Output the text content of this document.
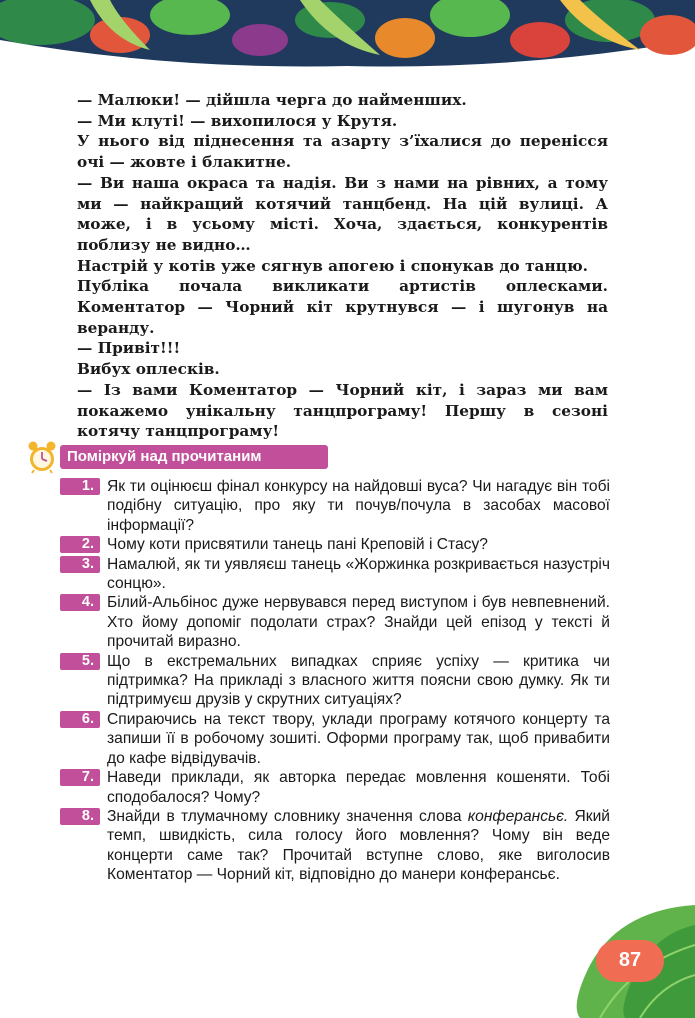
— Малюки! — дійшла черга до найменших.

— Ми клуті! — вихопилося у Крутя.

У нього від піднесення та азарту з’їхалися до перенісся очі — жовте і блакитне.

— Ви наша окраса та надія. Ви з нами на рівних, а тому ми — найкращий котячий танцбенд. На цій вулиці. А може, і в усьому місті. Хоча, здається, конкурентів поблизу не видно…

Настрій у котів уже сягнув апогею і спонукав до танцю.

Публіка почала викликати артистів оплесками. Коментатор — Чорний кіт крутнувся — і шугонув на веранду.

— Привіт!!!

Вибух оплесків.

— Із вами Коментатор — Чорний кіт, і зараз ми вам покажемо унікальну танцпрограму! Першу в сезоні котячу танцпрограму!

Поміркуй над прочитаним
1. Як ти оцінюєш фінал конкурсу на найдовші вуса? Чи нагадує він тобі подібну ситуацію, про яку ти почув/почула в засобах масової інформації?
2. Чому коти присвятили танець пані Креповій і Стасу?
3. Намалюй, як ти уявляєш танець «Жоржинка розкривається назустріч сонцю».
4. Білий-Альбінос дуже нервувався перед виступом і був невпевнений. Хто йому допоміг подолати страх? Знайди цей епізод у тексті й прочитай виразно.
5. Що в екстремальних випадках сприяє успіху — критика чи підтримка? На прикладі з власного життя поясни свою думку. Як ти підтримуєш друзів у скрутних ситуаціях?
6. Спираючись на текст твору, уклади програму котячого концерту та запиши її в робочому зошиті. Оформи програму так, щоб привабити до кафе відвідувачів.
7. Наведи приклади, як авторка передає мовлення кошеняти. Тобі сподобалося? Чому?
8. Знайди в тлумачному словнику значення слова конферансьє. Який темп, швидкість, сила голосу його мовлення? Чому він веде концерти саме так? Прочитай вступне слово, яке виголосив Коментатор — Чорний кіт, відповідно до манери конферансьє.
87
